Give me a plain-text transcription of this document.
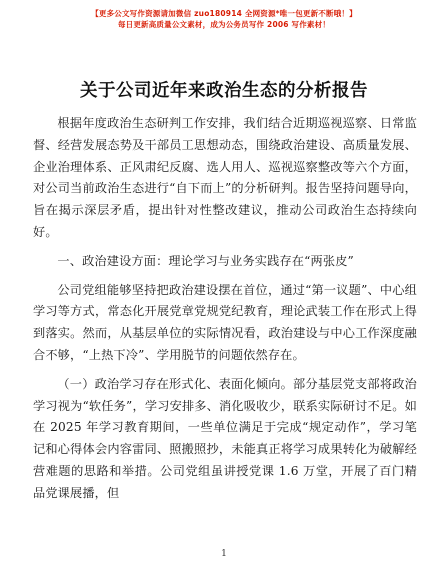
【更多公文写作资源请加微信 zuo180914 全网资源*唯一包更新不断哦！】
每日更新高质量公文素材，成为公务员写作 2006 写作素材！
关于公司近年来政治生态的分析报告

根据年度政治生态研判工作安排，我们结合近期巡视巡察、日常监督、经营发展态势及干部员工思想动态，围绕政治建设、高质量发展、企业治理体系、正风肃纪反腐、选人用人、巡视巡察整改等六个方面，对公司当前政治生态进行“自下而上”的分析研判。报告坚持问题导向，旨在揭示深层矛盾，提出针对性整改建议，推动公司政治生态持续向好。

一、政治建设方面：理论学习与业务实践存在“两张皮”

公司党组能够坚持把政治建设摆在首位，通过“第一议题”、中心组学习等方式，常态化开展党章党规党纪教育，理论武装工作在形式上得到落实。然而，从基层单位的实际情况看，政治建设与中心工作深度融合不够，“上热下冷”、学用脱节的问题依然存在。

（一）政治学习存在形式化、表面化倾向。部分基层党支部将政治学习视为“软任务”，学习安排多、消化吸收少，联系实际研讨不足。如在 2025 年学习教育期间，一些单位满足于完成“规定动作”，学习笔记和心得体会内容雷同、照搬照抄，未能真正将学习成果转化为破解经营难题的思路和举措。公司党组虽讲授党课 1.6 万堂，开展了百门精品党课展播，但

1
